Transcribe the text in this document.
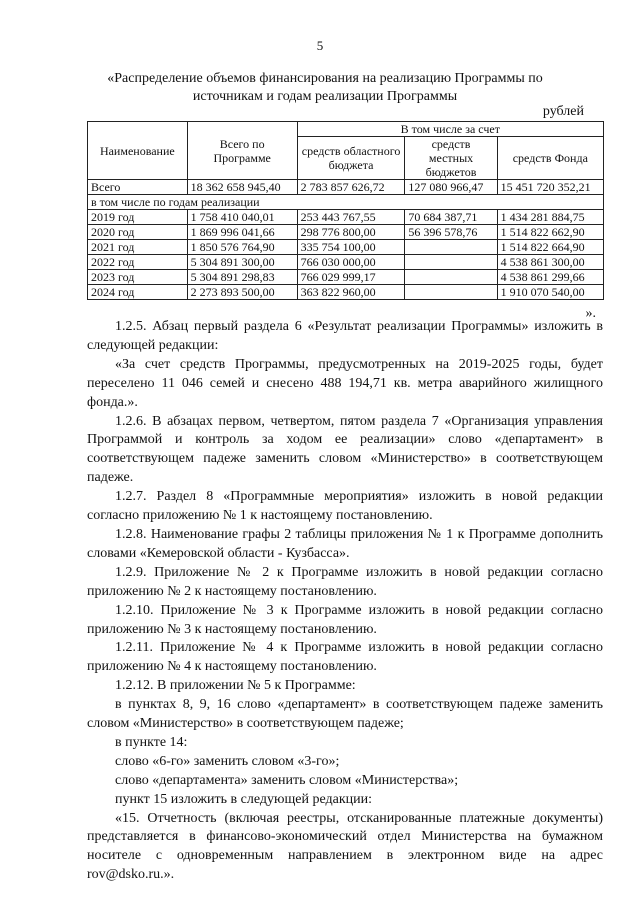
5
«Распределение объемов финансирования на реализацию Программы по источникам и годам реализации Программы
рублей
Наименование	Всего по Программе	В том числе за счет		
		средств областного бюджета	средств местных бюджетов	средств Фонда
Всего	18 362 658 945,40	2 783 857 626,72	127 080 966,47	15 451 720 352,21
в том числе по годам реализации				
2019 год	1 758 410 040,01	253 443 767,55	70 684 387,71	1 434 281 884,75
2020 год	1 869 996 041,66	298 776 800,00	56 396 578,76	1 514 822 662,90
2021 год	1 850 576 764,90	335 754 100,00		1 514 822 664,90
2022 год	5 304 891 300,00	766 030 000,00		4 538 861 300,00
2023 год	5 304 891 298,83	766 029 999,17		4 538 861 299,66
2024 год	2 273 893 500,00	363 822 960,00		1 910 070 540,00
».

1.2.5. Абзац первый раздела 6 «Результат реализации Программы» изложить в следующей редакции:

«За счет средств Программы, предусмотренных на 2019-2025 годы, будет переселено 11 046 семей и снесено 488 194,71 кв. метра аварийного жилищного фонда.».

1.2.6. В абзацах первом, четвертом, пятом раздела 7 «Организация управления Программой и контроль за ходом ее реализации» слово «департамент» в соответствующем падеже заменить словом «Министерство» в соответствующем падеже.

1.2.7. Раздел 8 «Программные мероприятия» изложить в новой редакции согласно приложению № 1 к настоящему постановлению.

1.2.8. Наименование графы 2 таблицы приложения № 1 к Программе дополнить словами «Кемеровской области - Кузбасса».

1.2.9. Приложение № 2 к Программе изложить в новой редакции согласно приложению № 2 к настоящему постановлению.

1.2.10. Приложение № 3 к Программе изложить в новой редакции согласно приложению № 3 к настоящему постановлению.

1.2.11. Приложение № 4 к Программе изложить в новой редакции согласно приложению № 4 к настоящему постановлению.

1.2.12. В приложении № 5 к Программе:

в пунктах 8, 9, 16 слово «департамент» в соответствующем падеже заменить словом «Министерство» в соответствующем падеже;

в пункте 14:

слово «6-го» заменить словом «3-го»;

слово «департамента» заменить словом «Министерства»;

пункт 15 изложить в следующей редакции:

«15. Отчетность (включая реестры, отсканированные платежные документы) представляется в финансово-экономический отдел Министерства на бумажном носителе с одновременным направлением в электронном виде на адрес rov@dsko.ru.».
